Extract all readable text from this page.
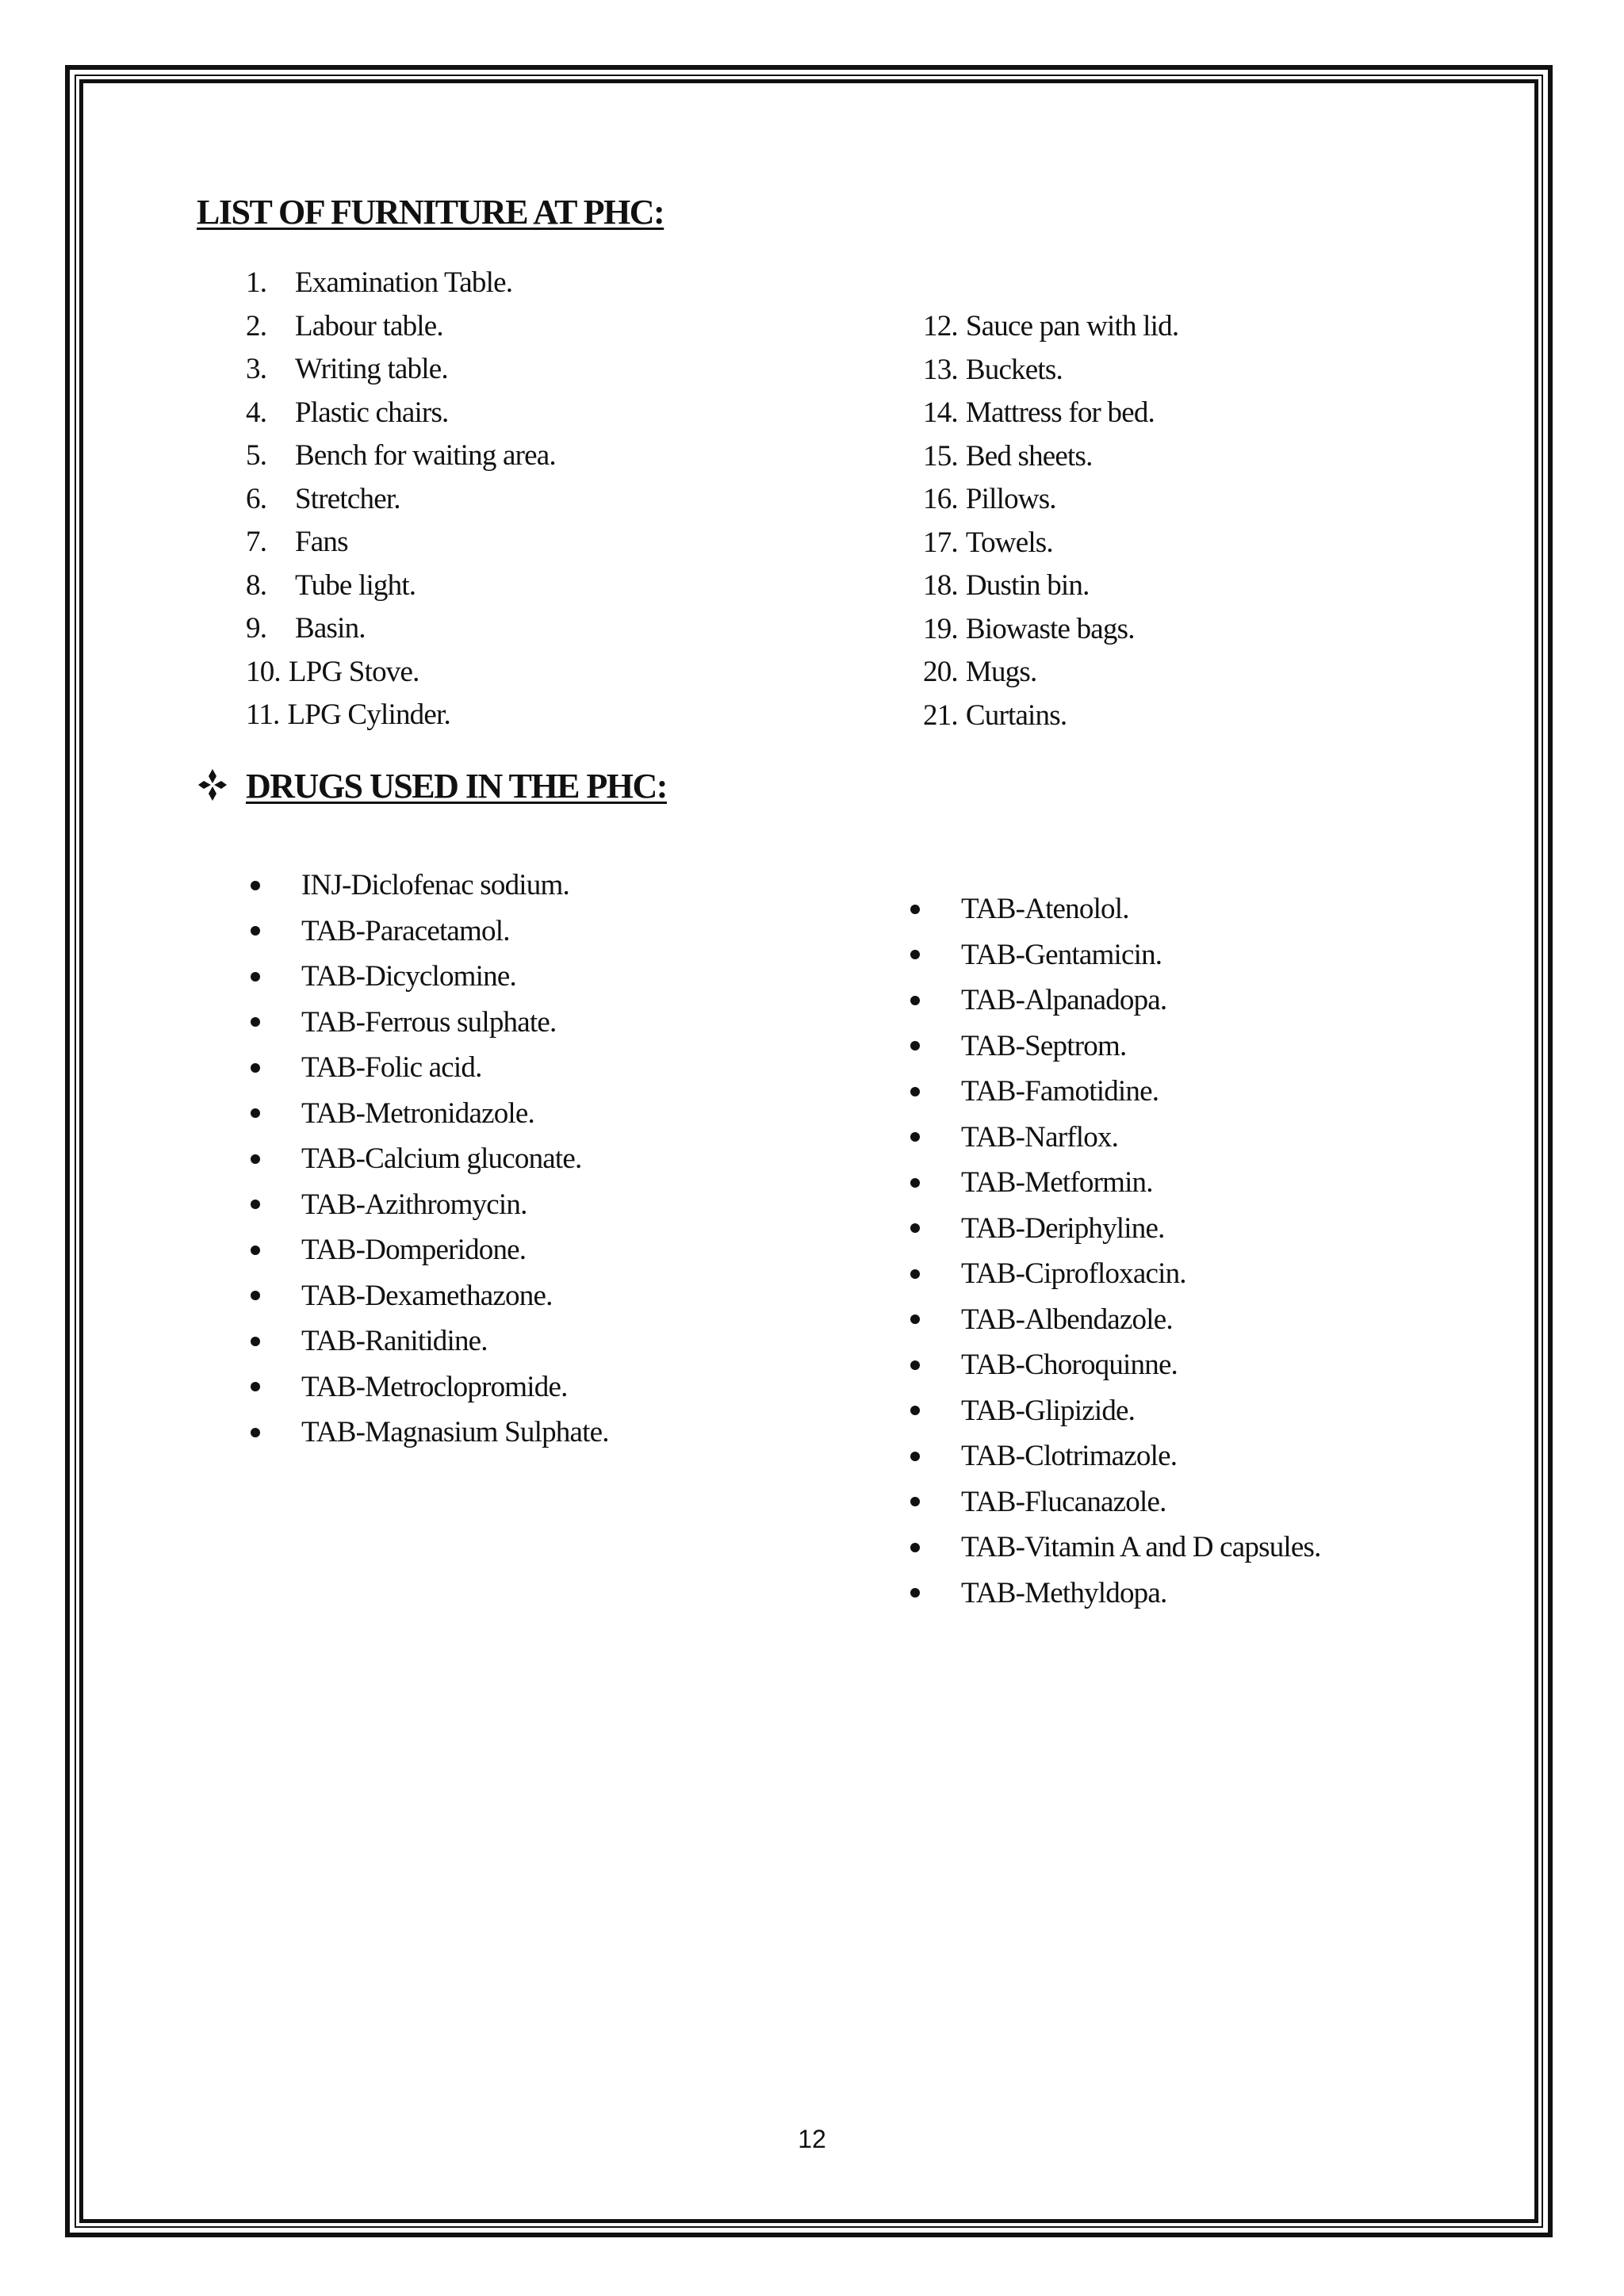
LIST OF FURNITURE AT PHC:
1. Examination Table.
2. Labour table.
3. Writing table.
4. Plastic chairs.
5. Bench for waiting area.
6. Stretcher.
7. Fans
8. Tube light.
9. Basin.
10. LPG Stove.
11. LPG Cylinder.
12. Sauce pan with lid.
13. Buckets.
14. Mattress for bed.
15. Bed sheets.
16. Pillows.
17. Towels.
18. Dustin bin.
19. Biowaste bags.
20. Mugs.
21. Curtains.
DRUGS USED IN THE PHC:
INJ-Diclofenac sodium.
TAB-Paracetamol.
TAB-Dicyclomine.
TAB-Ferrous sulphate.
TAB-Folic acid.
TAB-Metronidazole.
TAB-Calcium gluconate.
TAB-Azithromycin.
TAB-Domperidone.
TAB-Dexamethazone.
TAB-Ranitidine.
TAB-Metroclopromide.
TAB-Magnasium Sulphate.
TAB-Atenolol.
TAB-Gentamicin.
TAB-Alpanadopa.
TAB-Septrom.
TAB-Famotidine.
TAB-Narflox.
TAB-Metformin.
TAB-Deriphyline.
TAB-Ciprofloxacin.
TAB-Albendazole.
TAB-Choroquinne.
TAB-Glipizide.
TAB-Clotrimazole.
TAB-Flucanazole.
TAB-Vitamin A and D capsules.
TAB-Methyldopa.
12
